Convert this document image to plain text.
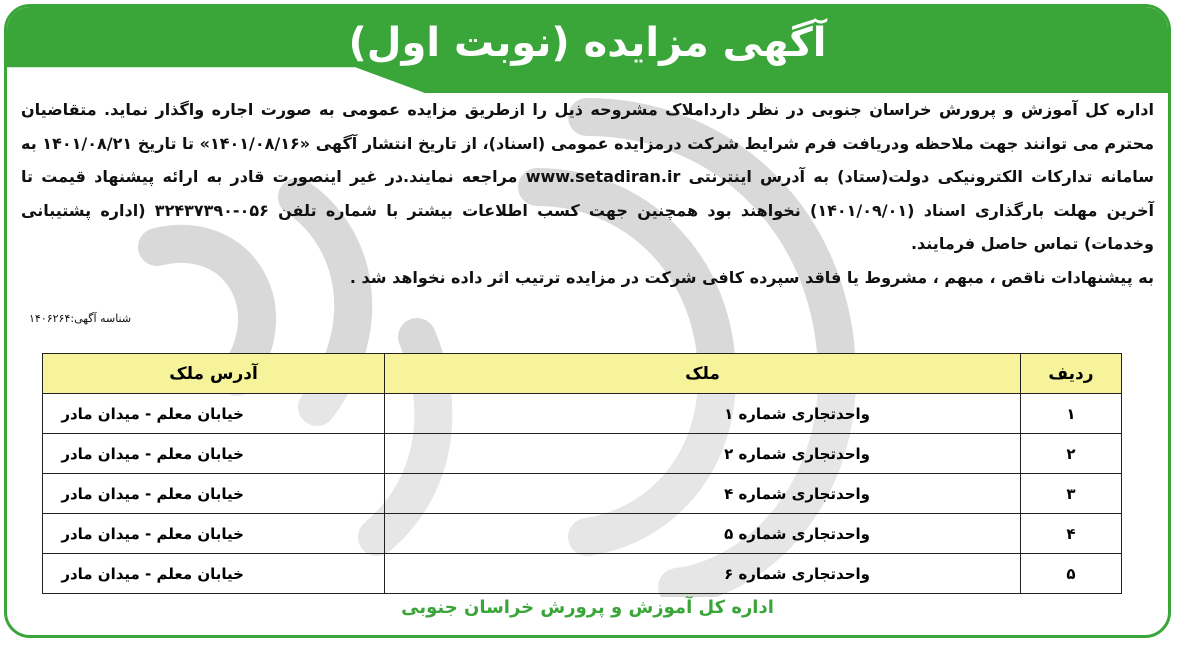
آگهی مزایده (نوبت اول)

اداره کل آموزش و پرورش خراسان جنوبی در نظر داردا‌ملاک مشروحه ذیل را ازطریق مزایده عمومی به صورت اجاره واگذار نماید. متقاضیان محترم می توانند جهت ملاحظه ودریافت فرم شرایط شرکت درمزایده عمومی (اسناد)، از تاریخ انتشار آگهی «۱۴۰۱/۰۸/۱۶» تا تاریخ ۱۴۰۱/۰۸/۲۱ به سامانه تدارکات الکترونیکی دولت(ستاد) به آدرس اینترنتی www.setadiran.ir مراجعه نمایند.در غیر اینصورت قادر به ارائه پیشنهاد قیمت تا آخرین مهلت بارگذاری اسناد (۱۴۰۱/۰۹/۰۱) نخواهند بود همچنین جهت کسب اطلاعات بیشتر با شماره تلفن ۰۵۶-۳۲۴۳۷۳۹۰ (اداره پشتیبانی وخدمات) تماس حاصل فرمایند.

به پیشنهادات ناقص ، مبهم ، مشروط یا فاقد سپرده کافی شرکت در مزایده ترتیب اثر داده نخواهد شد .
شناسه آگهی:۱۴۰۶۲۶۴
ردیف	ملک	آدرس ملک
۱	واحدتجاری شماره ۱	خیابان معلم - میدان مادر
۲	واحدتجاری شماره ۲	خیابان معلم - میدان مادر
۳	واحدتجاری شماره ۴	خیابان معلم - میدان مادر
۴	واحدتجاری شماره ۵	خیابان معلم - میدان مادر
۵	واحدتجاری شماره ۶	خیابان معلم - میدان مادر
اداره کل آموزش و پرورش خراسان جنوبی
